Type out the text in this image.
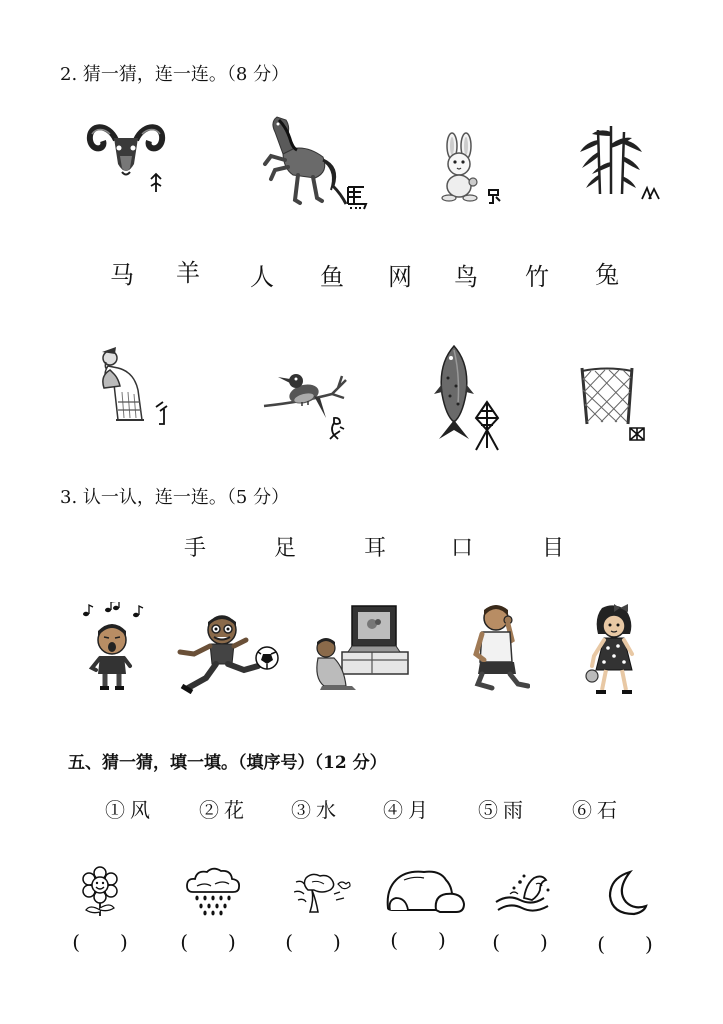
2. 猜一猜，连一连。（8 分）
马	羊	人	鱼	网	鸟	竹	兔
3. 认一认，连一连。（5 分）
手	足	耳	口	目
五、猜一猜，填一填。（填序号）（12 分）
①风 ②花 ③水 ④月 ⑤雨 ⑥石
(　　)	(　　)	(　　)	(　　)	(　　)	(　　)
